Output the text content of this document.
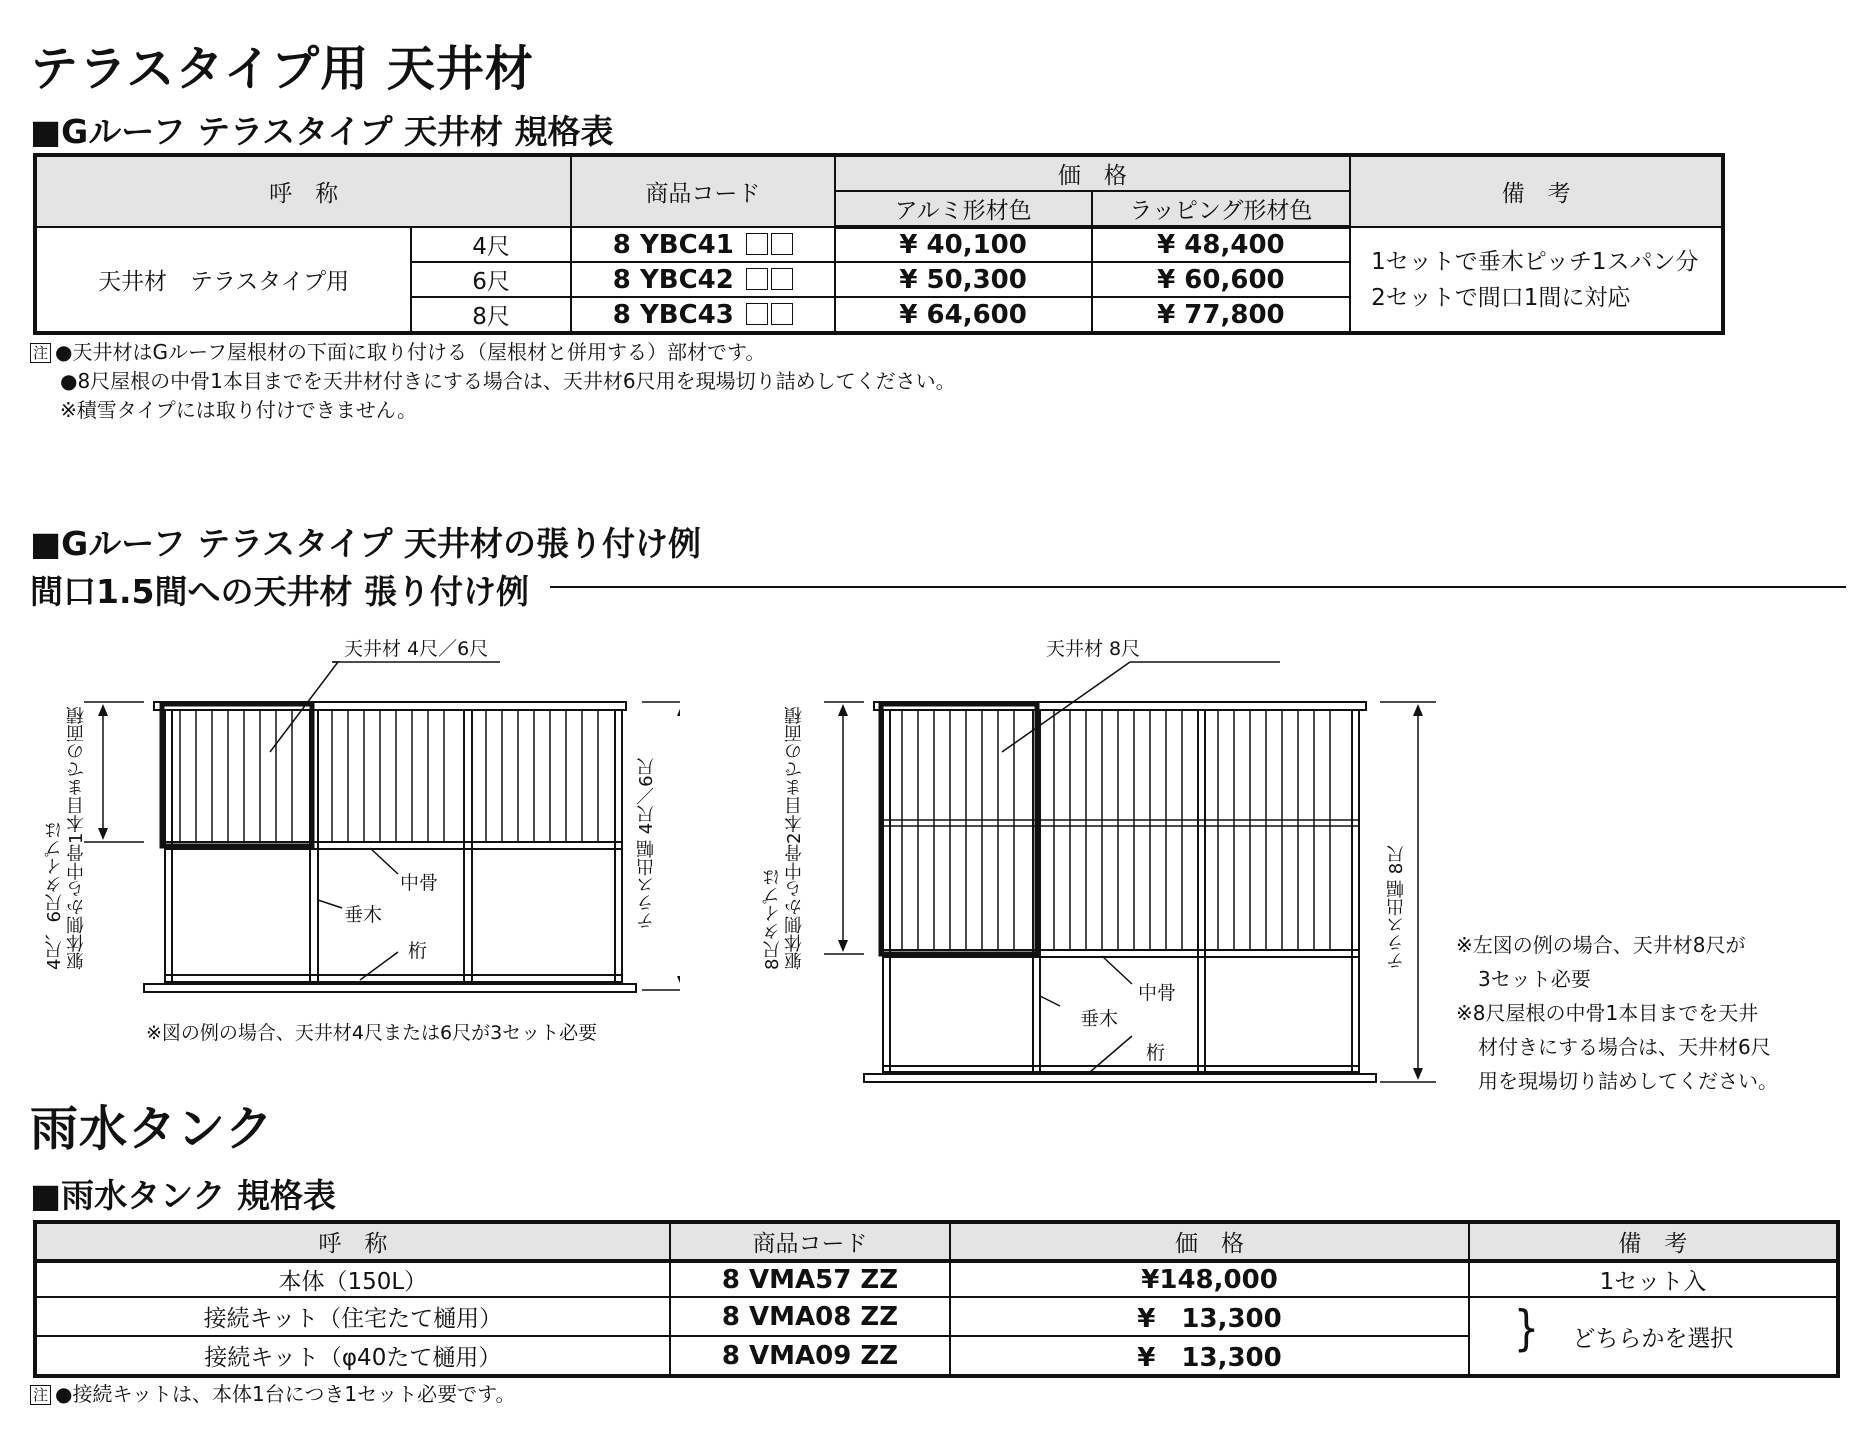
テラスタイプ用 天井材
■Gルーフ テラスタイプ 天井材 規格表
呼　称		商品コード	価　格		備　考
			アルミ形材色	ラッピング形材色	
天井材　テラスタイプ用	4尺	8 YBC41	¥ 40,100	¥ 48,400	1セットで垂木ピッチ1スパン分
2セットで間口1間に対応

	6尺	8 YBC42	¥ 50,300	¥ 60,600	
	8尺	8 YBC43	¥ 64,600	¥ 77,800	
注 ●天井材はGルーフ屋根材の下面に取り付ける（屋根材と併用する）部材です。
●8尺屋根の中骨1本目までを天井材付きにする場合は、天井材6尺用を現場切り詰めしてください。
※積雪タイプには取り付けできません。
■Gルーフ テラスタイプ 天井材の張り付け例
間口1.5間への天井材 張り付け例
天井材 4尺／6尺
中骨
垂木
桁
4尺、6尺タイプは
躯体側から中骨1本目までの面積	テラス出幅 4尺／6尺
※図の例の場合、天井材4尺または6尺が3セット必要
天井材 8尺
中骨
垂木
桁
8尺タイプは
躯体側から中骨2本目までの面積	テラス出幅 8尺 ※左図の例の場合、天井材8尺が
3セット必要
※8尺屋根の中骨1本目までを天井
材付きにする場合は、天井材6尺
用を現場切り詰めしてください。
雨水タンク
■雨水タンク 規格表
呼　称	商品コード	価　格	備　考
本体（150L）	8 VMA57 ZZ	¥148,000	1セット入
接続キット（住宅たて樋用）	8 VMA08 ZZ	¥　13,300	} どちらかを選択
接続キット（φ40たて樋用）	8 VMA09 ZZ	¥　13,300	
注 ●接続キットは、本体1台につき1セット必要です。
